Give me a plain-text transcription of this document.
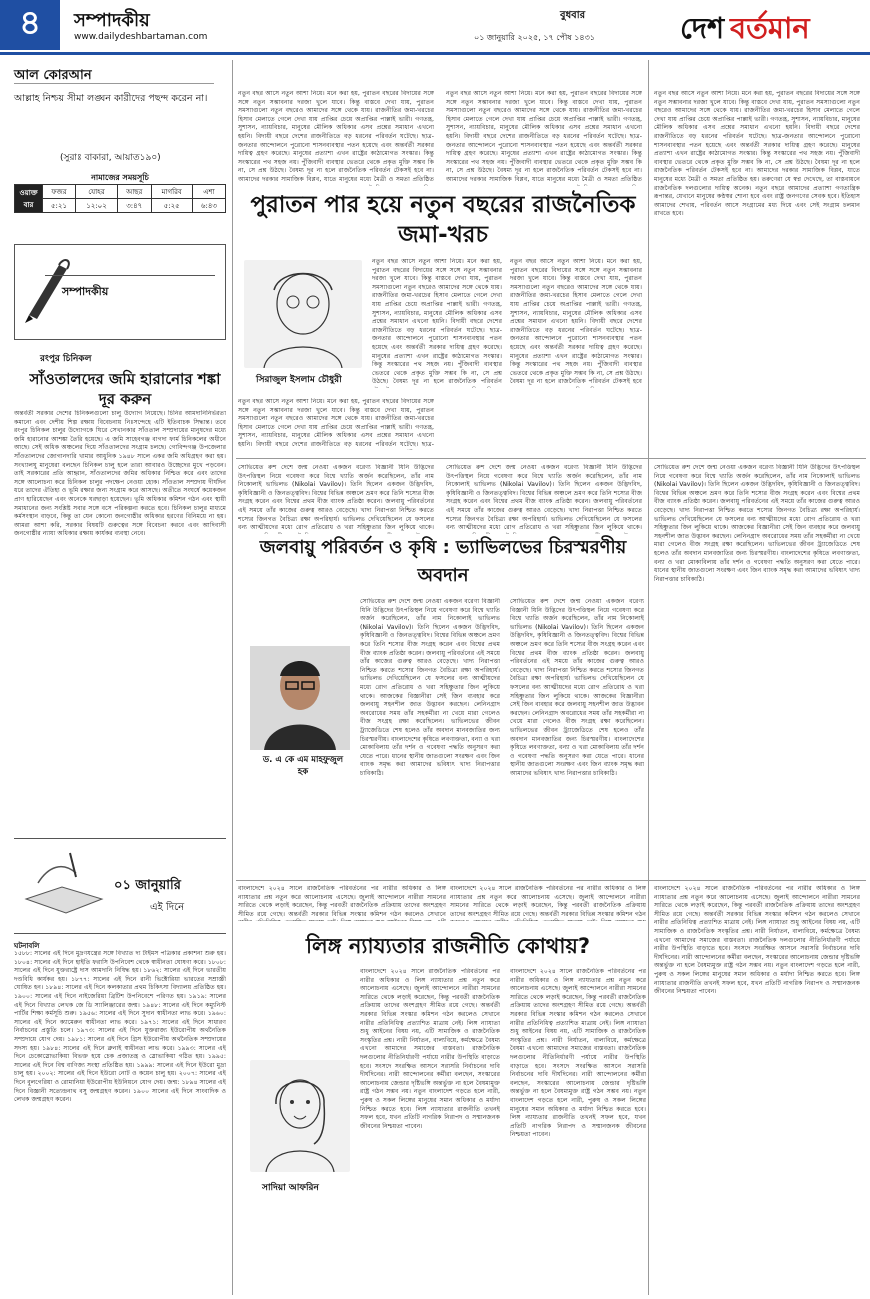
৪	সম্পাদকীয়
www.dailydeshbartaman.com
বুধবার
০১ জানুয়ারি ২০২৫, ১৭ পৌষ ১৪৩১	দেশ  বর্তমান
আল কোরআন
আল্লাহ নিশ্চয় সীমা লঙ্ঘন কারীদের পছন্দ করেন না।
(সুরাঃ বাকারা, আয়াত১৯০)
নামাজের সময়সূচি
ওয়াক্ত
বার	ফজর	যোহর	আছর	মাগরিব	এশা
	৫:২১	১২:০২	৩:৪৭	৫:২৫	৬:৪৩
সম্পাদকীয়
রংপুর চিনিকল
সাঁওতালদের জমি হারানোর শঙ্কা দূর করুন
অন্তর্বর্তী সরকার দেশের চিনিকলগুলো চালু উদ্যোগ নিয়েছে। চিনির আমদানিনির্ভরতা কমানো এবং দেশীয় শিল্প রক্ষায় বিবেচনায় নিঃসন্দেহে এটি ইতিবাচক সিদ্ধান্ত। তবে রংপুর চিনিকল চালুর উদ্যোগকে ঘিরে সেখানকার সাঁওতাল সম্প্রদায়ের মানুষদের মধ্যে জমি হারানোর আশঙ্কা তৈরি হয়েছে। এ জমি সাহেবগঞ্জ বাগদা ফার্ম চিনিকলের অধীনে আছে। সেই অধিক অঞ্চলের দিয়ে সাঁওতালদের সংগ্রাম চলছে। গোবিন্দগঞ্জ উপজেলার সাঁওতালদের জোগানদারি খামার আধুনিক ১৯৪৮ সালে একর জমি অধিগ্রহণ করা হয়। সংখ্যালঘু মানুষেরা বলছেন চিনিকল চালু হলে তারা আবারও উচ্ছেদের মুখে পড়বেন। তাই সরকারের প্রতি আহ্বান, সাঁওতালদের জমির অধিকার নিশ্চিত করে এবং তাদের সঙ্গে আলোচনা করে চিনিকল চালুর পদক্ষেপ নেওয়া হোক। সাঁওতাল সম্প্রদায় দীর্ঘদিন ধরে তাদের ঐতিহ্য ও ভূমি রক্ষার জন্য সংগ্রাম করে আসছে। অতীতে সংঘর্ষে কয়েকজন প্রাণ হারিয়েছেন এবং অনেকে ঘরছাড়া হয়েছেন। ভূমি অধিকার কমিশন গঠন এবং স্থায়ী সমাধানের জন্য সংশ্লিষ্ট সবার সঙ্গে বসে পরিকল্পনা করতে হবে। চিনিকল চালুর মাধ্যমে কর্মসংস্থান বাড়বে, কিন্তু তা যেন কোনো জনগোষ্ঠীর অধিকার হরণের বিনিময়ে না হয়। আমরা আশা করি, সরকার বিষয়টি গুরুত্বের সঙ্গে বিবেচনা করবে এবং আদিবাসী জনগোষ্ঠীর ন্যায্য অধিকার রক্ষায় কার্যকর ব্যবস্থা নেবে।
০১ জানুয়ারি
এই দিনে
ঘটনাবলি
১৫৮৮: সালের এই দিনে মুদ্রণযন্ত্রের সঙ্গে বিখ্যাত দ্য টাইমস পত্রিকার প্রকাশনা শুরু হয়। ১৮০৪: সালের এই দিনে হাইতি ফরাসি উপনিবেশ থেকে স্বাধীনতা ঘোষণা করে। ১৮০৮: সালের এই দিনে যুক্তরাষ্ট্রে দাস আমদানি নিষিদ্ধ হয়। ১৮৬২: সালের এই দিনে ভারতীয় দণ্ডবিধি কার্যকর হয়। ১৮৭৭: সালের এই দিনে রানী ভিক্টোরিয়া ভারতের সম্রাজ্ঞী ঘোষিত হন। ১৮৯৪: সালের এই দিনে কলকাতার প্রথম চিকিৎসা বিদ্যালয় প্রতিষ্ঠিত হয়। ১৯০০: সালের এই দিনে নাইজেরিয়া ব্রিটিশ উপনিবেশে পরিণত হয়। ১৯১৯: সালের এই দিনে বিখ্যাত লেখক জে ডি স্যালিঞ্জারের জন্ম। ১৯৪৮: সালের এই দিনে কম্যুনিস্ট পার্টির শিক্ষা কর্মসূচি শুরু। ১৯৫৬: সালের এই দিনে সুদান স্বাধীনতা লাভ করে। ১৯৬০: সালের এই দিনে ক্যামেরুন স্বাধীনতা লাভ করে। ১৯৭১: সালের এই দিনে সাধারণ নির্বাচনের প্রস্তুতি চলে। ১৯৭৩: সালের এই দিনে যুক্তরাজ্য ইউরোপীয় অর্থনৈতিক সম্প্রদায়ে যোগ দেয়। ১৯৮১: সালের এই দিনে গ্রিস ইউরোপীয় অর্থনৈতিক সম্প্রদায়ের সদস্য হয়। ১৯৮৪: সালের এই দিনে ব্রুনাই স্বাধীনতা লাভ করে। ১৯৯৩: সালের এই দিনে চেকোস্লোভাকিয়া বিভক্ত হয়ে চেক প্রজাতন্ত্র ও স্লোভাকিয়া গঠিত হয়। ১৯৯৫: সালের এই দিনে বিশ্ব বাণিজ্য সংস্থা প্রতিষ্ঠিত হয়। ১৯৯৯: সালের এই দিনে ইউরো মুদ্রা চালু হয়। ২০০২: সালের এই দিনে ইউরো নোট ও কয়েন চালু হয়। ২০০৭: সালের এই দিনে বুলগেরিয়া ও রোমানিয়া ইউরোপীয় ইউনিয়নে যোগ দেয়। জন্ম: ১৮৯৪ সালের এই দিনে বিজ্ঞানী সত্যেন্দ্রনাথ বসু জন্মগ্রহণ করেন। ১৯০০ সালের এই দিনে সাংবাদিক ও লেখক জন্মগ্রহণ করেন।
নতুন বছর আসে নতুন আশা নিয়ে। মনে করা হয়, পুরাতন বছরের বিদায়ের সঙ্গে সঙ্গে নতুন সম্ভাবনার দরজা খুলে যাবে। কিন্তু বাস্তবে দেখা যায়, পুরাতন সমস্যাগুলো নতুন বছরেও আমাদের সঙ্গে থেকে যায়। রাজনীতির জমা-খরচের হিসাব মেলাতে গেলে দেখা যায় প্রাপ্তির চেয়ে অপ্রাপ্তির পাল্লাই ভারী। গণতন্ত্র, সুশাসন, ন্যায়বিচার, মানুষের মৌলিক অধিকার এসব প্রশ্নের সমাধান এখনো হয়নি। বিদায়ী বছরে দেশের রাজনীতিতে বড় ধরনের পরিবর্তন ঘটেছে। ছাত্র-জনতার আন্দোলনে পুরোনো শাসনব্যবস্থার পতন হয়েছে এবং অন্তর্বর্তী সরকার দায়িত্ব গ্রহণ করেছে। মানুষের প্রত্যাশা এখন রাষ্ট্রের কাঠামোগত সংস্কার। কিন্তু সংস্কারের পথ সহজ নয়। পুঁজিবাদী ব্যবস্থার ভেতরে থেকে প্রকৃত মুক্তি সম্ভব কি না, সে প্রশ্ন উঠছে। বৈষম্য দূর না হলে রাজনৈতিক পরিবর্তন টেকসই হবে না। আমাদের দরকার সামাজিক বিপ্লব, যাতে মানুষের মধ্যে মৈত্রী ও সমতা প্রতিষ্ঠিত
নতুন বছর আসে নতুন আশা নিয়ে। মনে করা হয়, পুরাতন বছরের বিদায়ের সঙ্গে সঙ্গে নতুন সম্ভাবনার দরজা খুলে যাবে। কিন্তু বাস্তবে দেখা যায়, পুরাতন সমস্যাগুলো নতুন বছরেও আমাদের সঙ্গে থেকে যায়। রাজনীতির জমা-খরচের হিসাব মেলাতে গেলে দেখা যায় প্রাপ্তির চেয়ে অপ্রাপ্তির পাল্লাই ভারী। গণতন্ত্র, সুশাসন, ন্যায়বিচার, মানুষের মৌলিক অধিকার এসব প্রশ্নের সমাধান এখনো হয়নি। বিদায়ী বছরে দেশের রাজনীতিতে বড় ধরনের পরিবর্তন ঘটেছে। ছাত্র-জনতার আন্দোলনে পুরোনো শাসনব্যবস্থার পতন হয়েছে এবং অন্তর্বর্তী সরকার দায়িত্ব গ্রহণ করেছে। মানুষের প্রত্যাশা এখন রাষ্ট্রের কাঠামোগত সংস্কার। কিন্তু সংস্কারের পথ সহজ নয়। পুঁজিবাদী ব্যবস্থার ভেতরে থেকে প্রকৃত মুক্তি সম্ভব কি না, সে প্রশ্ন উঠছে। বৈষম্য দূর না হলে রাজনৈতিক পরিবর্তন টেকসই হবে না। আমাদের দরকার সামাজিক বিপ্লব, যাতে মানুষের মধ্যে মৈত্রী ও সমতা প্রতিষ্ঠিত
পুরাতন পার হয়ে নতুন বছরের রাজনৈতিক জমা-খরচ
সিরাজুল ইসলাম চৌধুরী
নতুন বছর আসে নতুন আশা নিয়ে। মনে করা হয়, পুরাতন বছরের বিদায়ের সঙ্গে সঙ্গে নতুন সম্ভাবনার দরজা খুলে যাবে। কিন্তু বাস্তবে দেখা যায়, পুরাতন সমস্যাগুলো নতুন বছরেও আমাদের সঙ্গে থেকে যায়। রাজনীতির জমা-খরচের হিসাব মেলাতে গেলে দেখা যায় প্রাপ্তির চেয়ে অপ্রাপ্তির পাল্লাই ভারী। গণতন্ত্র, সুশাসন, ন্যায়বিচার, মানুষের মৌলিক অধিকার এসব প্রশ্নের সমাধান এখনো হয়নি। বিদায়ী বছরে দেশের রাজনীতিতে বড় ধরনের পরিবর্তন ঘটেছে। ছাত্র-জনতার আন্দোলনে পুরোনো শাসনব্যবস্থার পতন হয়েছে এবং অন্তর্বর্তী সরকার দায়িত্ব গ্রহণ করেছে। মানুষের প্রত্যাশা এখন রাষ্ট্রের কাঠামোগত সংস্কার। কিন্তু সংস্কারের পথ সহজ নয়। পুঁজিবাদী ব্যবস্থার ভেতরে থেকে প্রকৃত মুক্তি সম্ভব কি না, সে প্রশ্ন উঠছে। বৈষম্য দূর না হলে রাজনৈতিক পরিবর্তন
নতুন বছর আসে নতুন আশা নিয়ে। মনে করা হয়, পুরাতন বছরের বিদায়ের সঙ্গে সঙ্গে নতুন সম্ভাবনার দরজা খুলে যাবে। কিন্তু বাস্তবে দেখা যায়, পুরাতন সমস্যাগুলো নতুন বছরেও আমাদের সঙ্গে থেকে যায়। রাজনীতির জমা-খরচের হিসাব মেলাতে গেলে দেখা যায় প্রাপ্তির চেয়ে অপ্রাপ্তির পাল্লাই ভারী। গণতন্ত্র, সুশাসন, ন্যায়বিচার, মানুষের মৌলিক অধিকার এসব প্রশ্নের সমাধান এখনো হয়নি। বিদায়ী বছরে দেশের রাজনীতিতে বড় ধরনের পরিবর্তন ঘটেছে। ছাত্র-জনতার আন্দোলনে পুরোনো শাসনব্যবস্থার পতন হয়েছে এবং অন্তর্বর্তী সরকার দায়িত্ব গ্রহণ করেছে। মানুষের প্রত্যাশা এখন রাষ্ট্রের কাঠামোগত সংস্কার। কিন্তু সংস্কারের পথ সহজ নয়। পুঁজিবাদী ব্যবস্থার ভেতরে থেকে প্রকৃত মুক্তি সম্ভব কি না, সে প্রশ্ন উঠছে। বৈষম্য দূর না হলে রাজনৈতিক পরিবর্তন টেকসই হবে
নতুন বছর আসে নতুন আশা নিয়ে। মনে করা হয়, পুরাতন বছরের বিদায়ের সঙ্গে সঙ্গে নতুন সম্ভাবনার দরজা খুলে যাবে। কিন্তু বাস্তবে দেখা যায়, পুরাতন সমস্যাগুলো নতুন বছরেও আমাদের সঙ্গে থেকে যায়। রাজনীতির জমা-খরচের হিসাব মেলাতে গেলে দেখা যায় প্রাপ্তির চেয়ে অপ্রাপ্তির পাল্লাই ভারী। গণতন্ত্র, সুশাসন, ন্যায়বিচার, মানুষের মৌলিক অধিকার এসব প্রশ্নের সমাধান এখনো হয়নি। বিদায়ী বছরে দেশের রাজনীতিতে বড় ধরনের পরিবর্তন ঘটেছে। ছাত্র-
নতুন বছর আসে নতুন আশা নিয়ে। মনে করা হয়, পুরাতন বছরের বিদায়ের সঙ্গে সঙ্গে নতুন সম্ভাবনার দরজা খুলে যাবে। কিন্তু বাস্তবে দেখা যায়, পুরাতন সমস্যাগুলো নতুন বছরেও আমাদের সঙ্গে থেকে যায়। রাজনীতির জমা-খরচের হিসাব মেলাতে গেলে দেখা যায় প্রাপ্তির চেয়ে অপ্রাপ্তির পাল্লাই ভারী। গণতন্ত্র, সুশাসন, ন্যায়বিচার, মানুষের মৌলিক অধিকার এসব প্রশ্নের সমাধান এখনো হয়নি। বিদায়ী বছরে দেশের রাজনীতিতে বড় ধরনের পরিবর্তন ঘটেছে। ছাত্র-জনতার আন্দোলনে পুরোনো শাসনব্যবস্থার পতন হয়েছে এবং অন্তর্বর্তী সরকার দায়িত্ব গ্রহণ করেছে। মানুষের প্রত্যাশা এখন রাষ্ট্রের কাঠামোগত সংস্কার। কিন্তু সংস্কারের পথ সহজ নয়। পুঁজিবাদী ব্যবস্থার ভেতরে থেকে প্রকৃত মুক্তি সম্ভব কি না, সে প্রশ্ন উঠছে। বৈষম্য দূর না হলে রাজনৈতিক পরিবর্তন টেকসই হবে না। আমাদের দরকার সামাজিক বিপ্লব, যাতে মানুষের মধ্যে মৈত্রী ও সমতা প্রতিষ্ঠিত হয়। তরুণেরা যে স্বপ্ন দেখেছে, তা বাস্তবায়নে রাজনৈতিক দলগুলোর দায়িত্ব অনেক। নতুন বছরে আমাদের প্রত্যাশা গণতান্ত্রিক রূপান্তর, যেখানে মানুষের কণ্ঠস্বর শোনা হবে এবং রাষ্ট্র জনগণের সেবক হবে। ইতিহাস আমাদের শেখায়, পরিবর্তন আসে সংগ্রামের মধ্য দিয়ে এবং সেই সংগ্রাম চলমান রাখতে হবে।
সোভিয়েত রুশ দেশে জন্ম নেওয়া একজন বরেণ্য বিজ্ঞানী যিনি উদ্ভিদের উৎপত্তিস্থল নিয়ে গবেষণা করে বিশ্বে খ্যাতি অর্জন করেছিলেন, তাঁর নাম নিকোলাই ভাভিলভ (Nikolai Vavilov)। তিনি ছিলেন একজন উদ্ভিদবিদ, কৃষিবিজ্ঞানী ও জিনতত্ত্ববিদ। বিশ্বের বিভিন্ন অঞ্চলে ভ্রমণ করে তিনি শস্যের বীজ সংগ্রহ করেন এবং বিশ্বের প্রথম বীজ ব্যাংক প্রতিষ্ঠা করেন। জলবায়ু পরিবর্তনের এই সময়ে তাঁর কাজের গুরুত্ব আরও বেড়েছে। খাদ্য নিরাপত্তা নিশ্চিত করতে শস্যের জিনগত বৈচিত্র্য রক্ষা অপরিহার্য। ভাভিলভ দেখিয়েছিলেন যে ফসলের বন্য আত্মীয়দের মধ্যে রোগ প্রতিরোধ ও খরা সহিষ্ণুতার জিন লুকিয়ে থাকে।
সোভিয়েত রুশ দেশে জন্ম নেওয়া একজন বরেণ্য বিজ্ঞানী যিনি উদ্ভিদের উৎপত্তিস্থল নিয়ে গবেষণা করে বিশ্বে খ্যাতি অর্জন করেছিলেন, তাঁর নাম নিকোলাই ভাভিলভ (Nikolai Vavilov)। তিনি ছিলেন একজন উদ্ভিদবিদ, কৃষিবিজ্ঞানী ও জিনতত্ত্ববিদ। বিশ্বের বিভিন্ন অঞ্চলে ভ্রমণ করে তিনি শস্যের বীজ সংগ্রহ করেন এবং বিশ্বের প্রথম বীজ ব্যাংক প্রতিষ্ঠা করেন। জলবায়ু পরিবর্তনের এই সময়ে তাঁর কাজের গুরুত্ব আরও বেড়েছে। খাদ্য নিরাপত্তা নিশ্চিত করতে শস্যের জিনগত বৈচিত্র্য রক্ষা অপরিহার্য। ভাভিলভ দেখিয়েছিলেন যে ফসলের বন্য আত্মীয়দের মধ্যে রোগ প্রতিরোধ ও খরা সহিষ্ণুতার জিন লুকিয়ে থাকে।
জলবায়ু পরিবর্তন ও কৃষি : ভ্যাভিলভের চিরস্মরণীয় অবদান
ড. এ কে এম মাহফুজুল হক
সোভিয়েত রুশ দেশে জন্ম নেওয়া একজন বরেণ্য বিজ্ঞানী যিনি উদ্ভিদের উৎপত্তিস্থল নিয়ে গবেষণা করে বিশ্বে খ্যাতি অর্জন করেছিলেন, তাঁর নাম নিকোলাই ভাভিলভ (Nikolai Vavilov)। তিনি ছিলেন একজন উদ্ভিদবিদ, কৃষিবিজ্ঞানী ও জিনতত্ত্ববিদ। বিশ্বের বিভিন্ন অঞ্চলে ভ্রমণ করে তিনি শস্যের বীজ সংগ্রহ করেন এবং বিশ্বের প্রথম বীজ ব্যাংক প্রতিষ্ঠা করেন। জলবায়ু পরিবর্তনের এই সময়ে তাঁর কাজের গুরুত্ব আরও বেড়েছে। খাদ্য নিরাপত্তা নিশ্চিত করতে শস্যের জিনগত বৈচিত্র্য রক্ষা অপরিহার্য। ভাভিলভ দেখিয়েছিলেন যে ফসলের বন্য আত্মীয়দের মধ্যে রোগ প্রতিরোধ ও খরা সহিষ্ণুতার জিন লুকিয়ে থাকে। আজকের বিজ্ঞানীরা সেই জিন ব্যবহার করে জলবায়ু সহনশীল জাত উদ্ভাবন করছেন। লেনিনগ্রাদ অবরোধের সময় তাঁর সহকর্মীরা না খেয়ে মারা গেলেও বীজ সংগ্রহ রক্ষা করেছিলেন। ভাভিলভের জীবন ট্র্যাজেডিতে শেষ হলেও তাঁর অবদান মানবজাতির জন্য চিরস্মরণীয়। বাংলাদেশের কৃষিতে লবণাক্ততা, বন্যা ও খরা মোকাবিলায় তাঁর দর্শন ও গবেষণা পদ্ধতি অনুসরণ করা যেতে পারে। ধানের স্থানীয় জাতগুলো সংরক্ষণ এবং জিন ব্যাংক সমৃদ্ধ করা আমাদের ভবিষ্যৎ খাদ্য নিরাপত্তার চাবিকাঠি।
সোভিয়েত রুশ দেশে জন্ম নেওয়া একজন বরেণ্য বিজ্ঞানী যিনি উদ্ভিদের উৎপত্তিস্থল নিয়ে গবেষণা করে বিশ্বে খ্যাতি অর্জন করেছিলেন, তাঁর নাম নিকোলাই ভাভিলভ (Nikolai Vavilov)। তিনি ছিলেন একজন উদ্ভিদবিদ, কৃষিবিজ্ঞানী ও জিনতত্ত্ববিদ। বিশ্বের বিভিন্ন অঞ্চলে ভ্রমণ করে তিনি শস্যের বীজ সংগ্রহ করেন এবং বিশ্বের প্রথম বীজ ব্যাংক প্রতিষ্ঠা করেন। জলবায়ু পরিবর্তনের এই সময়ে তাঁর কাজের গুরুত্ব আরও বেড়েছে। খাদ্য নিরাপত্তা নিশ্চিত করতে শস্যের জিনগত বৈচিত্র্য রক্ষা অপরিহার্য। ভাভিলভ দেখিয়েছিলেন যে ফসলের বন্য আত্মীয়দের মধ্যে রোগ প্রতিরোধ ও খরা সহিষ্ণুতার জিন লুকিয়ে থাকে। আজকের বিজ্ঞানীরা সেই জিন ব্যবহার করে জলবায়ু সহনশীল জাত উদ্ভাবন করছেন। লেনিনগ্রাদ অবরোধের সময় তাঁর সহকর্মীরা না খেয়ে মারা গেলেও বীজ সংগ্রহ রক্ষা করেছিলেন। ভাভিলভের জীবন ট্র্যাজেডিতে শেষ হলেও তাঁর অবদান মানবজাতির জন্য চিরস্মরণীয়। বাংলাদেশের কৃষিতে লবণাক্ততা, বন্যা ও খরা মোকাবিলায় তাঁর দর্শন ও গবেষণা পদ্ধতি অনুসরণ করা যেতে পারে। ধানের স্থানীয় জাতগুলো সংরক্ষণ এবং জিন ব্যাংক সমৃদ্ধ করা আমাদের ভবিষ্যৎ খাদ্য নিরাপত্তার চাবিকাঠি।
সোভিয়েত রুশ দেশে জন্ম নেওয়া একজন বরেণ্য বিজ্ঞানী যিনি উদ্ভিদের উৎপত্তিস্থল নিয়ে গবেষণা করে বিশ্বে খ্যাতি অর্জন করেছিলেন, তাঁর নাম নিকোলাই ভাভিলভ (Nikolai Vavilov)। তিনি ছিলেন একজন উদ্ভিদবিদ, কৃষিবিজ্ঞানী ও জিনতত্ত্ববিদ। বিশ্বের বিভিন্ন অঞ্চলে ভ্রমণ করে তিনি শস্যের বীজ সংগ্রহ করেন এবং বিশ্বের প্রথম বীজ ব্যাংক প্রতিষ্ঠা করেন। জলবায়ু পরিবর্তনের এই সময়ে তাঁর কাজের গুরুত্ব আরও বেড়েছে। খাদ্য নিরাপত্তা নিশ্চিত করতে শস্যের জিনগত বৈচিত্র্য রক্ষা অপরিহার্য। ভাভিলভ দেখিয়েছিলেন যে ফসলের বন্য আত্মীয়দের মধ্যে রোগ প্রতিরোধ ও খরা সহিষ্ণুতার জিন লুকিয়ে থাকে। আজকের বিজ্ঞানীরা সেই জিন ব্যবহার করে জলবায়ু সহনশীল জাত উদ্ভাবন করছেন। লেনিনগ্রাদ অবরোধের সময় তাঁর সহকর্মীরা না খেয়ে মারা গেলেও বীজ সংগ্রহ রক্ষা করেছিলেন। ভাভিলভের জীবন ট্র্যাজেডিতে শেষ হলেও তাঁর অবদান মানবজাতির জন্য চিরস্মরণীয়। বাংলাদেশের কৃষিতে লবণাক্ততা, বন্যা ও খরা মোকাবিলায় তাঁর দর্শন ও গবেষণা পদ্ধতি অনুসরণ করা যেতে পারে। ধানের স্থানীয় জাতগুলো সংরক্ষণ এবং জিন ব্যাংক সমৃদ্ধ করা আমাদের ভবিষ্যৎ খাদ্য নিরাপত্তার চাবিকাঠি।
বাংলাদেশে ২০২৪ সালে রাজনৈতিক পরিবর্তনের পর নারীর অধিকার ও লিঙ্গ ন্যায্যতার প্রশ্ন নতুন করে আলোচনায় এসেছে। জুলাই আন্দোলনে নারীরা সামনের সারিতে থেকে লড়াই করেছেন, কিন্তু পরবর্তী রাজনৈতিক প্রক্রিয়ায় তাদের অংশগ্রহণ সীমিত রয়ে গেছে। অন্তর্বর্তী সরকার বিভিন্ন সংস্কার কমিশন গঠন করলেও সেখানে
বাংলাদেশে ২০২৪ সালে রাজনৈতিক পরিবর্তনের পর নারীর অধিকার ও লিঙ্গ ন্যায্যতার প্রশ্ন নতুন করে আলোচনায় এসেছে। জুলাই আন্দোলনে নারীরা সামনের সারিতে থেকে লড়াই করেছেন, কিন্তু পরবর্তী রাজনৈতিক প্রক্রিয়ায় তাদের অংশগ্রহণ সীমিত রয়ে গেছে। অন্তর্বর্তী সরকার বিভিন্ন সংস্কার কমিশন গঠন
লিঙ্গ ন্যায্যতার রাজনীতি কোথায়?
সাদিয়া আফরিন
বাংলাদেশে ২০২৪ সালে রাজনৈতিক পরিবর্তনের পর নারীর অধিকার ও লিঙ্গ ন্যায্যতার প্রশ্ন নতুন করে আলোচনায় এসেছে। জুলাই আন্দোলনে নারীরা সামনের সারিতে থেকে লড়াই করেছেন, কিন্তু পরবর্তী রাজনৈতিক প্রক্রিয়ায় তাদের অংশগ্রহণ সীমিত রয়ে গেছে। অন্তর্বর্তী সরকার বিভিন্ন সংস্কার কমিশন গঠন করলেও সেখানে নারীর প্রতিনিধিত্ব প্রত্যাশিত মাত্রায় নেই। লিঙ্গ ন্যায্যতা শুধু আইনের বিষয় নয়, এটি সামাজিক ও রাজনৈতিক সংস্কৃতির প্রশ্ন। নারী নির্যাতন, বাল্যবিয়ে, কর্মক্ষেত্রে বৈষম্য এখনো আমাদের সমাজের বাস্তবতা। রাজনৈতিক দলগুলোর নীতিনির্ধারণী পর্যায়ে নারীর উপস্থিতি বাড়াতে হবে। সংসদে সংরক্ষিত আসনে সরাসরি নির্বাচনের দাবি দীর্ঘদিনের। নারী আন্দোলনের কর্মীরা বলছেন, সংস্কারের আলোচনায় জেন্ডার দৃষ্টিভঙ্গি অন্তর্ভুক্ত না হলে বৈষম্যমুক্ত রাষ্ট্র গঠন সম্ভব নয়। নতুন বাংলাদেশ গড়তে হলে নারী, পুরুষ ও সকল লিঙ্গের মানুষের সমান অধিকার ও মর্যাদা নিশ্চিত করতে হবে। লিঙ্গ ন্যায্যতার রাজনীতি তখনই সফল হবে, যখন প্রতিটি নাগরিক নিরাপদ ও সম্মানজনক জীবনের নিশ্চয়তা পাবেন।
বাংলাদেশে ২০২৪ সালে রাজনৈতিক পরিবর্তনের পর নারীর অধিকার ও লিঙ্গ ন্যায্যতার প্রশ্ন নতুন করে আলোচনায় এসেছে। জুলাই আন্দোলনে নারীরা সামনের সারিতে থেকে লড়াই করেছেন, কিন্তু পরবর্তী রাজনৈতিক প্রক্রিয়ায় তাদের অংশগ্রহণ সীমিত রয়ে গেছে। অন্তর্বর্তী সরকার বিভিন্ন সংস্কার কমিশন গঠন করলেও সেখানে নারীর প্রতিনিধিত্ব প্রত্যাশিত মাত্রায় নেই। লিঙ্গ ন্যায্যতা শুধু আইনের বিষয় নয়, এটি সামাজিক ও রাজনৈতিক সংস্কৃতির প্রশ্ন। নারী নির্যাতন, বাল্যবিয়ে, কর্মক্ষেত্রে বৈষম্য এখনো আমাদের সমাজের বাস্তবতা। রাজনৈতিক দলগুলোর নীতিনির্ধারণী পর্যায়ে নারীর উপস্থিতি বাড়াতে হবে। সংসদে সংরক্ষিত আসনে সরাসরি নির্বাচনের দাবি দীর্ঘদিনের। নারী আন্দোলনের কর্মীরা বলছেন, সংস্কারের আলোচনায় জেন্ডার দৃষ্টিভঙ্গি অন্তর্ভুক্ত না হলে বৈষম্যমুক্ত রাষ্ট্র গঠন সম্ভব নয়। নতুন বাংলাদেশ গড়তে হলে নারী, পুরুষ ও সকল লিঙ্গের মানুষের সমান অধিকার ও মর্যাদা নিশ্চিত করতে হবে। লিঙ্গ ন্যায্যতার রাজনীতি তখনই সফল হবে, যখন প্রতিটি নাগরিক নিরাপদ ও সম্মানজনক জীবনের নিশ্চয়তা পাবেন।
বাংলাদেশে ২০২৪ সালে রাজনৈতিক পরিবর্তনের পর নারীর অধিকার ও লিঙ্গ ন্যায্যতার প্রশ্ন নতুন করে আলোচনায় এসেছে। জুলাই আন্দোলনে নারীরা সামনের সারিতে থেকে লড়াই করেছেন, কিন্তু পরবর্তী রাজনৈতিক প্রক্রিয়ায় তাদের অংশগ্রহণ সীমিত রয়ে গেছে। অন্তর্বর্তী সরকার বিভিন্ন সংস্কার কমিশন গঠন করলেও সেখানে নারীর প্রতিনিধিত্ব প্রত্যাশিত মাত্রায় নেই। লিঙ্গ ন্যায্যতা শুধু আইনের বিষয় নয়, এটি সামাজিক ও রাজনৈতিক সংস্কৃতির প্রশ্ন। নারী নির্যাতন, বাল্যবিয়ে, কর্মক্ষেত্রে বৈষম্য এখনো আমাদের সমাজের বাস্তবতা। রাজনৈতিক দলগুলোর নীতিনির্ধারণী পর্যায়ে নারীর উপস্থিতি বাড়াতে হবে। সংসদে সংরক্ষিত আসনে সরাসরি নির্বাচনের দাবি দীর্ঘদিনের। নারী আন্দোলনের কর্মীরা বলছেন, সংস্কারের আলোচনায় জেন্ডার দৃষ্টিভঙ্গি অন্তর্ভুক্ত না হলে বৈষম্যমুক্ত রাষ্ট্র গঠন সম্ভব নয়। নতুন বাংলাদেশ গড়তে হলে নারী, পুরুষ ও সকল লিঙ্গের মানুষের সমান অধিকার ও মর্যাদা নিশ্চিত করতে হবে। লিঙ্গ ন্যায্যতার রাজনীতি তখনই সফল হবে, যখন প্রতিটি নাগরিক নিরাপদ ও সম্মানজনক জীবনের নিশ্চয়তা পাবেন।
